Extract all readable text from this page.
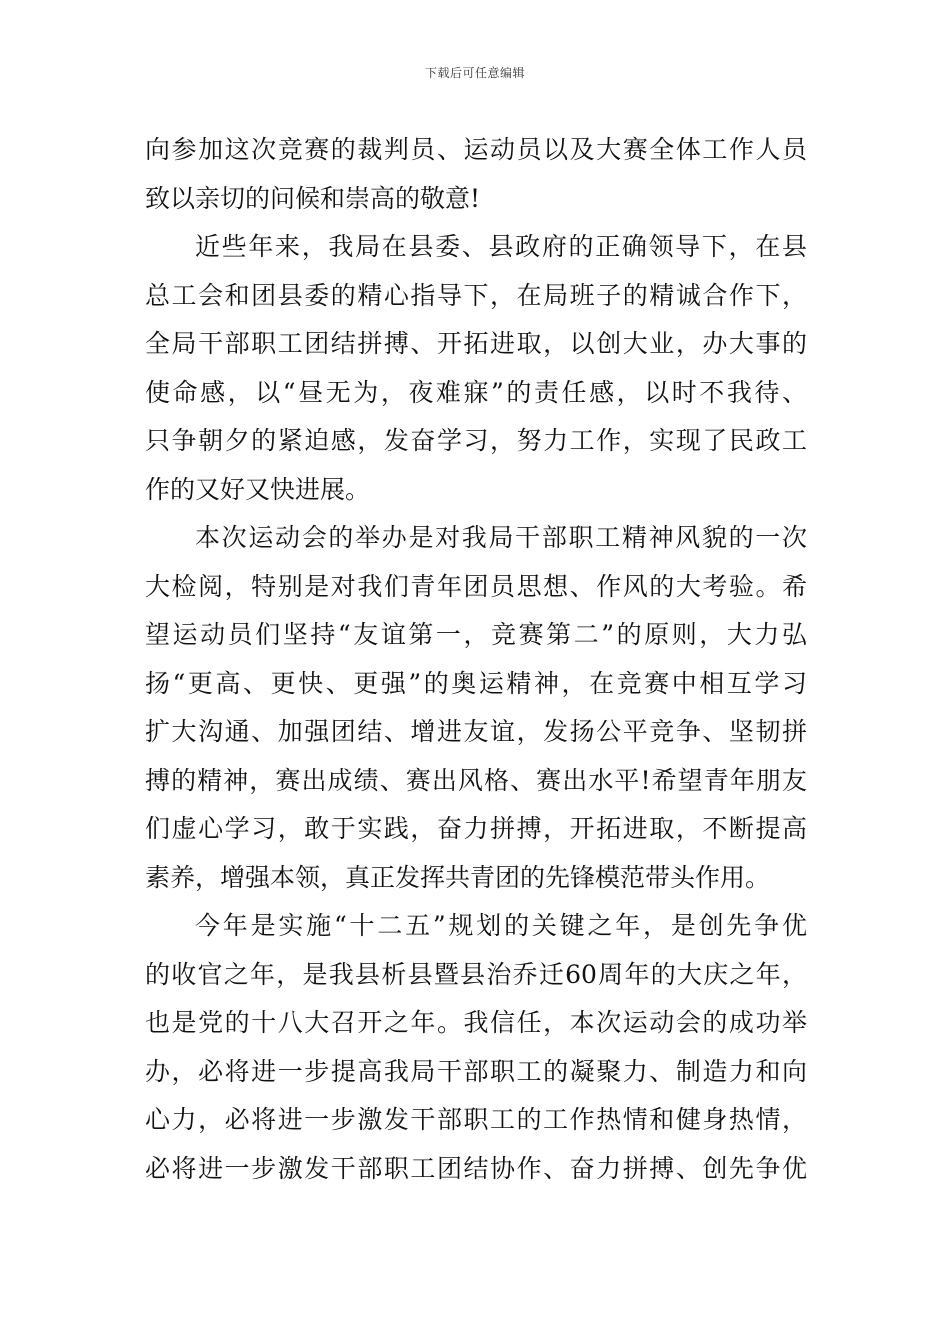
下载后可任意编辑
向参加这次竞赛的裁判员、运动员以及大赛全体工作人员
致以亲切的问候和崇高的敬意!
近些年来，我局在县委、县政府的正确领导下，在县
总工会和团县委的精心指导下，在局班子的精诚合作下，
全局干部职工团结拼搏、开拓进取，以创大业，办大事的
使命感，以“昼无为，夜难寐”的责任感，以时不我待、
只争朝夕的紧迫感，发奋学习，努力工作，实现了民政工
作的又好又快进展。
本次运动会的举办是对我局干部职工精神风貌的一次
大检阅，特别是对我们青年团员思想、作风的大考验。希
望运动员们坚持“友谊第一，竞赛第二”的原则，大力弘
扬“更高、更快、更强”的奥运精神，在竞赛中相互学习
扩大沟通、加强团结、增进友谊，发扬公平竞争、坚韧拼
搏的精神，赛出成绩、赛出风格、赛出水平!希望青年朋友
们虚心学习，敢于实践，奋力拼搏，开拓进取，不断提高
素养，增强本领，真正发挥共青团的先锋模范带头作用。
今年是实施“十二五”规划的关键之年，是创先争优
的收官之年，是我县析县暨县治乔迁60周年的大庆之年，
也是党的十八大召开之年。我信任，本次运动会的成功举
办，必将进一步提高我局干部职工的凝聚力、制造力和向
心力，必将进一步激发干部职工的工作热情和健身热情，
必将进一步激发干部职工团结协作、奋力拼搏、创先争优
